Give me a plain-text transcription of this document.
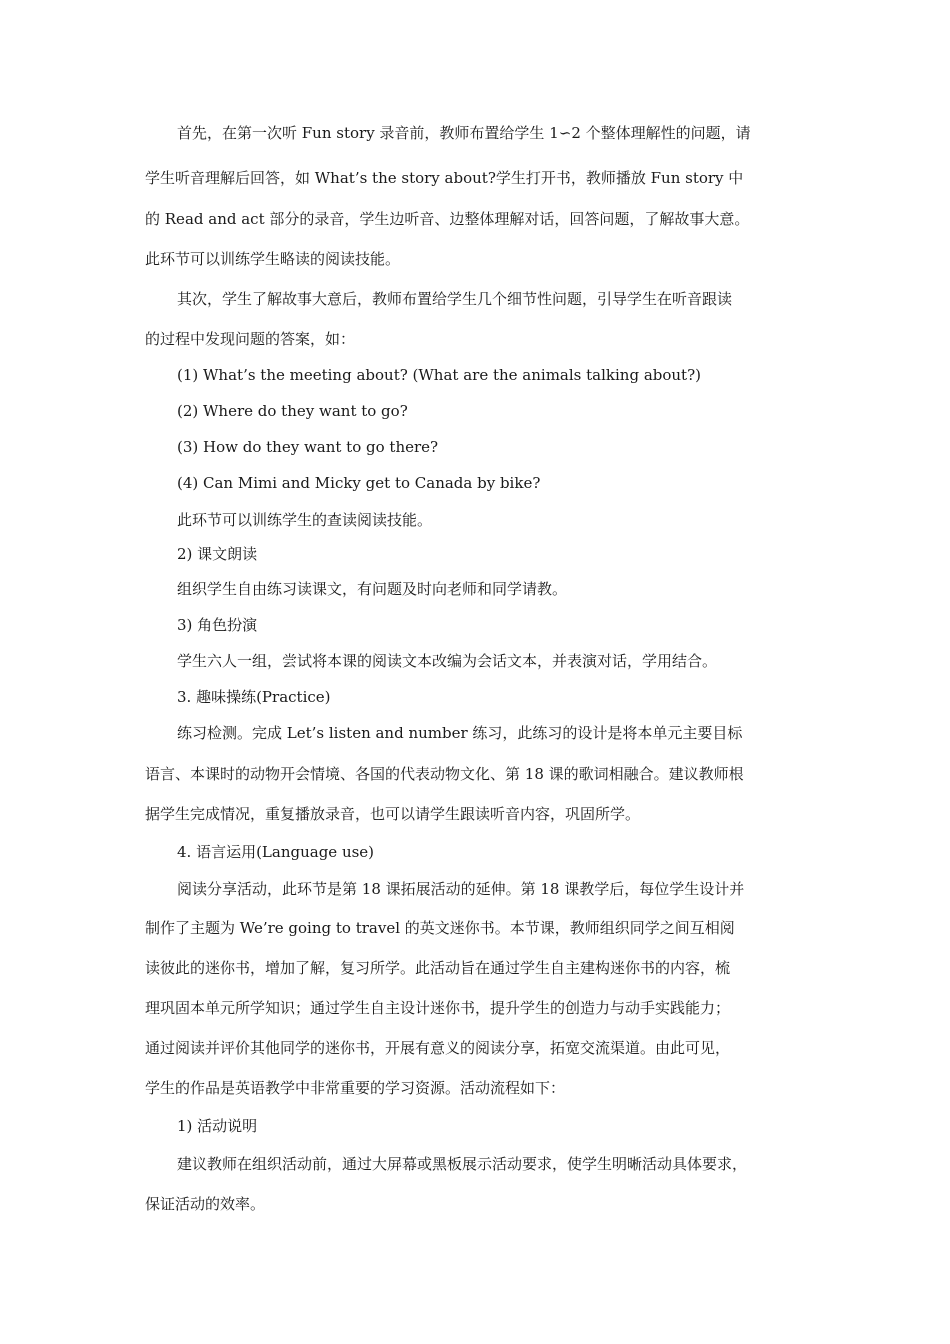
首先，在第一次听 Fun story 录音前，教师布置给学生 1∽2 个整体理解性的问题，请
学生听音理解后回答，如 What’s the story about?学生打开书，教师播放 Fun story 中
的 Read and act 部分的录音，学生边听音、边整体理解对话，回答问题，了解故事大意。
此环节可以训练学生略读的阅读技能。
其次，学生了解故事大意后，教师布置给学生几个细节性问题，引导学生在听音跟读
的过程中发现问题的答案，如：
(1) What’s the meeting about? (What are the animals talking about?)
(2) Where do they want to go?
(3) How do they want to go there?
(4) Can Mimi and Micky get to Canada by bike?
此环节可以训练学生的查读阅读技能。
2) 课文朗读
组织学生自由练习读课文，有问题及时向老师和同学请教。
3) 角色扮演
学生六人一组，尝试将本课的阅读文本改编为会话文本，并表演对话，学用结合。
3. 趣味操练(Practice)
练习检测。完成 Let’s listen and number 练习，此练习的设计是将本单元主要目标
语言、本课时的动物开会情境、各国的代表动物文化、第 18 课的歌词相融合。建议教师根
据学生完成情况，重复播放录音，也可以请学生跟读听音内容，巩固所学。
4. 语言运用(Language use)
阅读分享活动，此环节是第 18 课拓展活动的延伸。第 18 课教学后，每位学生设计并
制作了主题为 We’re going to travel 的英文迷你书。本节课，教师组织同学之间互相阅
读彼此的迷你书，增加了解，复习所学。此活动旨在通过学生自主建构迷你书的内容，梳
理巩固本单元所学知识；通过学生自主设计迷你书，提升学生的创造力与动手实践能力；
通过阅读并评价其他同学的迷你书，开展有意义的阅读分享，拓宽交流渠道。由此可见，
学生的作品是英语教学中非常重要的学习资源。活动流程如下：
1) 活动说明
建议教师在组织活动前，通过大屏幕或黑板展示活动要求，使学生明晰活动具体要求，
保证活动的效率。
